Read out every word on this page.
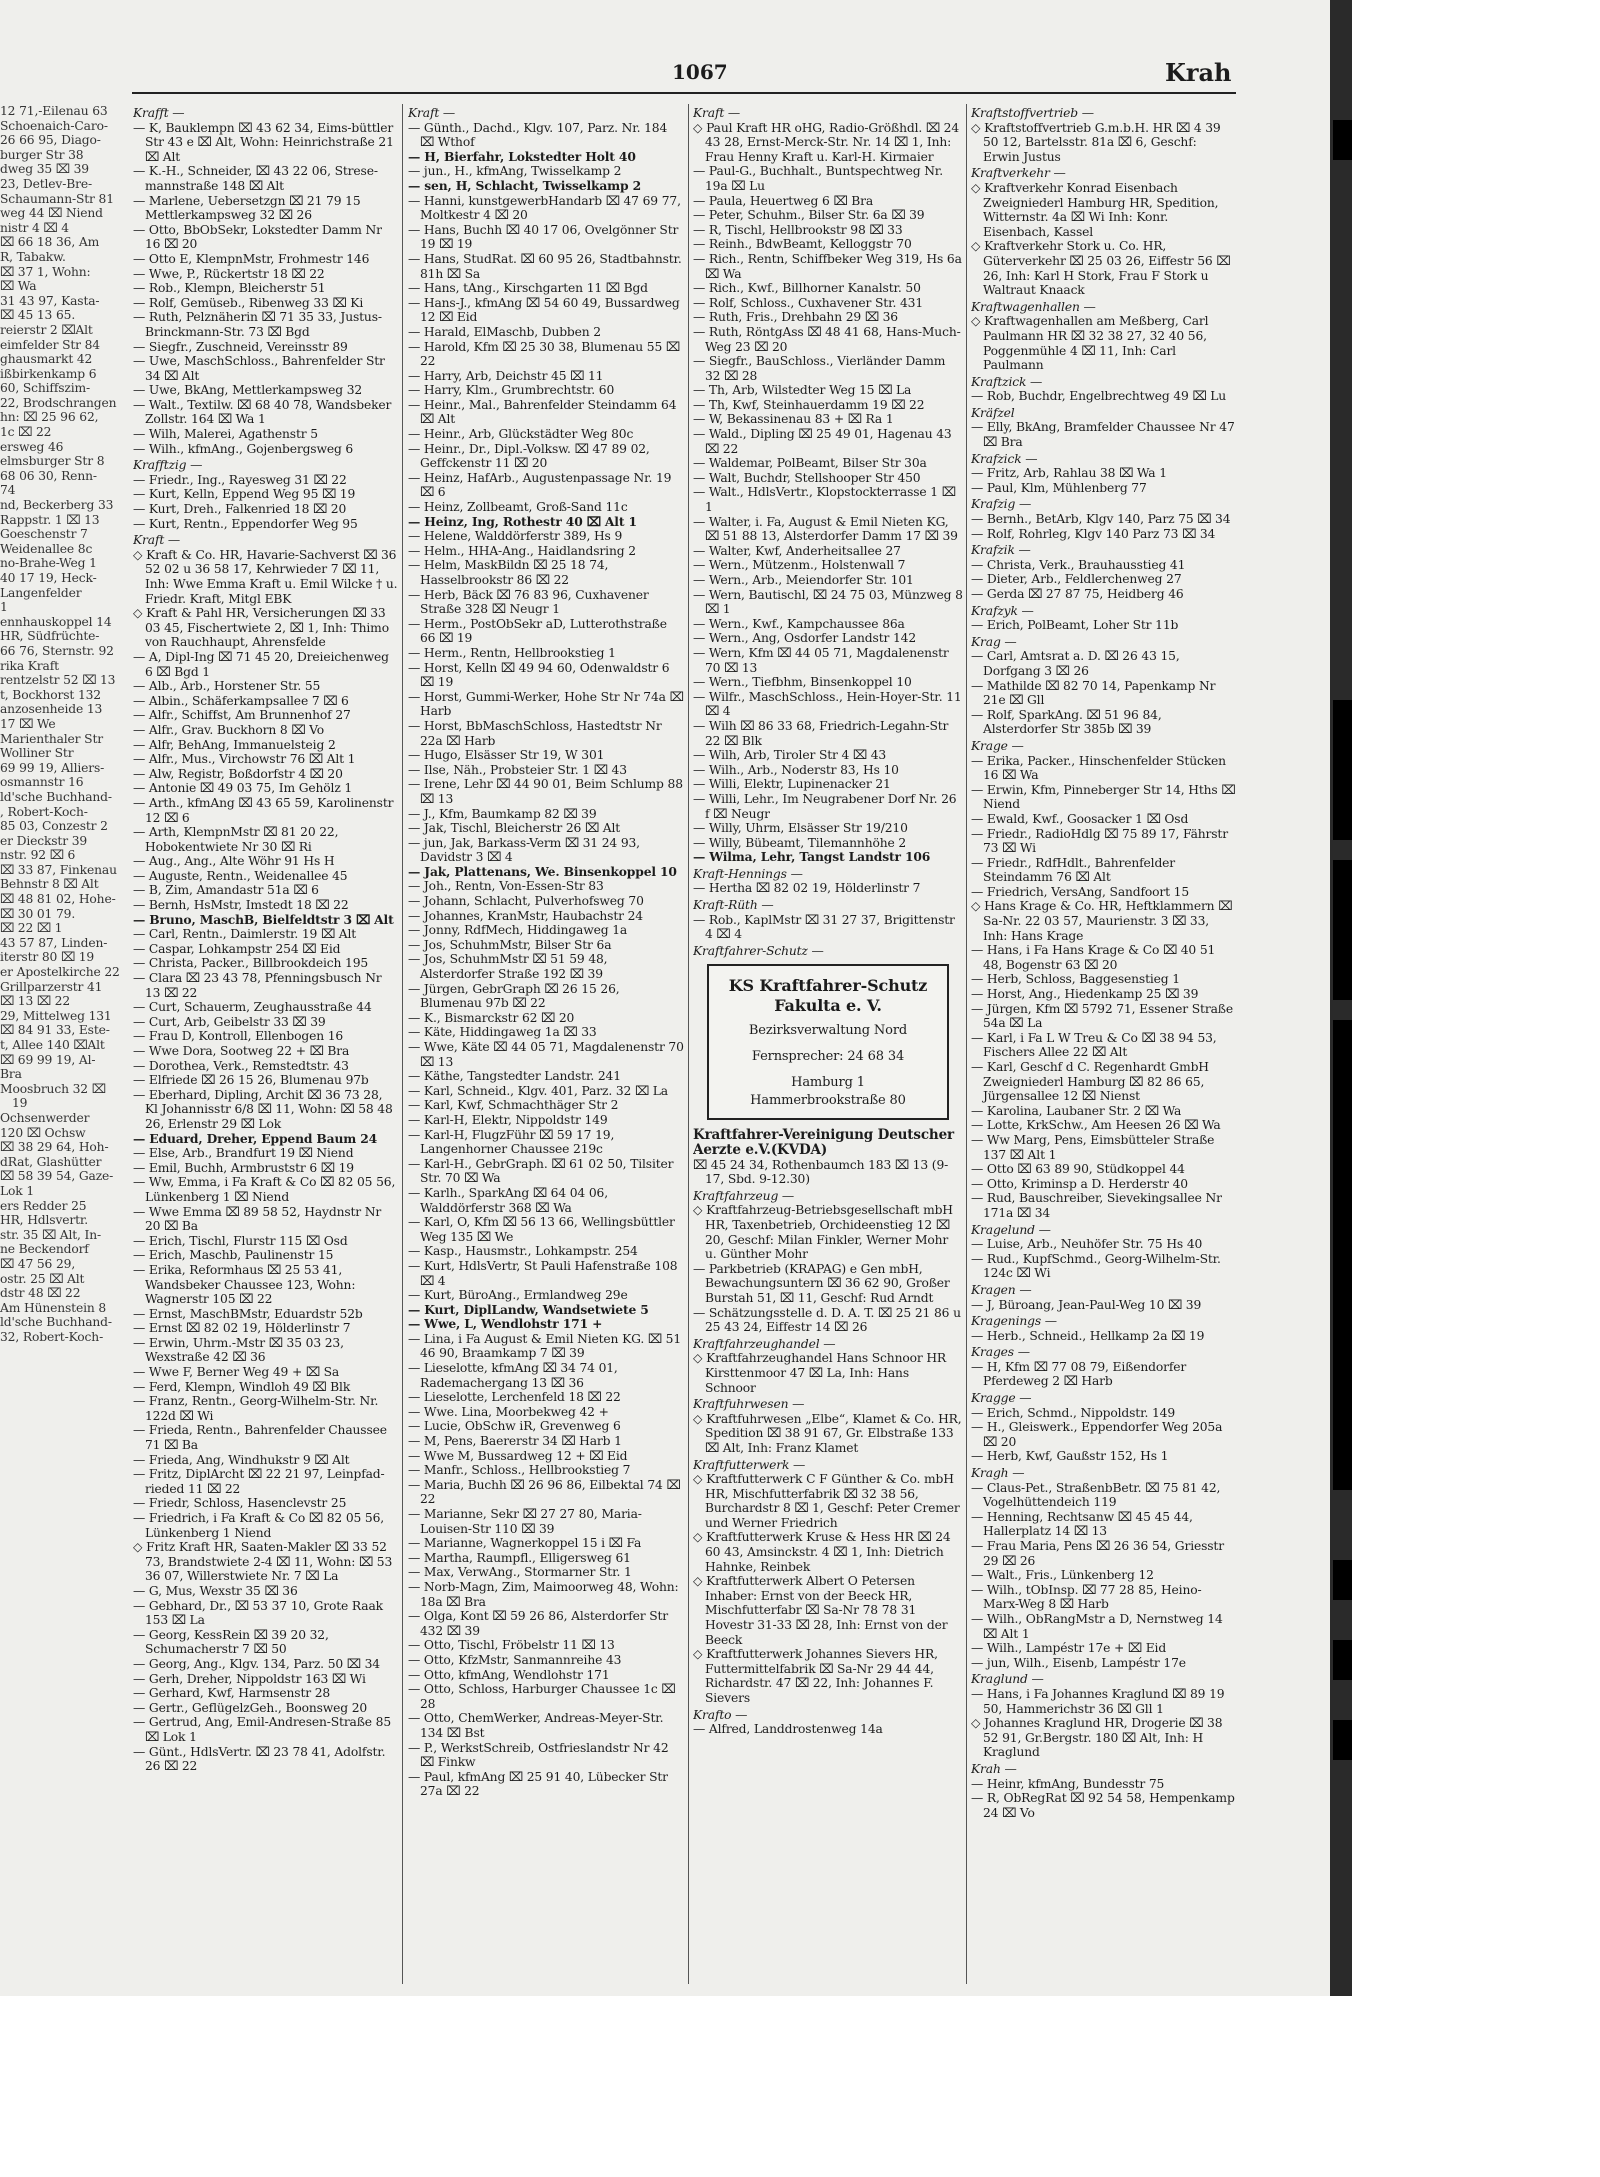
1067	Krah

12 71,-Eilenau 63

Schoenaich-Caro-

26 66 95, Diago-

burger Str 38

dweg 35 ⌧ 39

23, Detlev-Bre-

Schaumann-Str 81

weg 44 ⌧ Niend

nistr 4 ⌧ 4

⌧ 66 18 36, Am

R, Tabakw.

⌧ 37 1, Wohn:

⌧ Wa

31 43 97, Kasta-

⌧ 45 13 65.

reierstr 2 ⌧Alt

eimfelder Str 84

ghausmarkt 42

ißbirkenkamp 6

60, Schiffszim-

22, Brodschrangen

hn: ⌧ 25 96 62,

1c ⌧ 22

ersweg 46

elmsburger Str 8

68 06 30, Renn-

74

nd, Beckerberg 33

Rappstr. 1 ⌧ 13

Goeschenstr 7

Weidenallee 8c

no-Brahe-Weg 1

40 17 19, Heck-

Langenfelder

1

ennhauskoppel 14

HR, Südfrüchte-

66 76, Sternstr. 92

rika Kraft

rentzelstr 52 ⌧ 13

t, Bockhorst 132

anzosenheide 13

17 ⌧ We

Marienthaler Str

Wolliner Str

69 99 19, Alliers-

osmannstr 16

ld'sche Buchhand-

, Robert-Koch-

85 03, Conzestr 2

er Dieckstr 39

nstr. 92 ⌧ 6

⌧ 33 87, Finkenau

Behnstr 8 ⌧ Alt

⌧ 48 81 02, Hohe-

⌧ 30 01 79.

⌧ 22 ⌧ 1

43 57 87, Linden-

iterstr 80 ⌧ 19

er Apostelkirche 22

Grillparzerstr 41

⌧ 13 ⌧ 22

29, Mittelweg 131

⌧ 84 91 33, Este-

t, Allee 140 ⌧Alt

⌧ 69 99 19, Al-

Bra

Moosbruch 32 ⌧ 19

Ochsenwerder

120 ⌧ Ochsw

⌧ 38 29 64, Hoh-

dRat, Glashütter

⌧ 58 39 54, Gaze-

Lok 1

ers Redder 25

HR, Hdlsvertr.

str. 35 ⌧ Alt, In-

ne Beckendorf

⌧ 47 56 29,

ostr. 25 ⌧ Alt

dstr 48 ⌧ 22

Am Hünenstein 8

ld'sche Buchhand-

32, Robert-Koch-

Krafft —

— K, Bauklempn ⌧ 43 62 34, Eims-büttler Str 43 e ⌧ Alt, Wohn: Heinrichstraße 21 ⌧ Alt

— K.-H., Schneider, ⌧ 43 22 06, Strese-mannstraße 148 ⌧ Alt

— Marlene, Uebersetzgn ⌧ 21 79 15 Mettlerkampsweg 32 ⌧ 26

— Otto, BbObSekr, Lokstedter Damm Nr 16 ⌧ 20

— Otto E, KlempnMstr, Frohmestr 146

— Wwe, P., Rückertstr 18 ⌧ 22

— Rob., Klempn, Bleicherstr 51

— Rolf, Gemüseb., Ribenweg 33 ⌧ Ki

— Ruth, Pelznäherin ⌧ 71 35 33, Justus-Brinckmann-Str. 73 ⌧ Bgd

— Siegfr., Zuschneid, Vereinsstr 89

— Uwe, MaschSchloss., Bahrenfelder Str 34 ⌧ Alt

— Uwe, BkAng, Mettlerkampsweg 32

— Walt., Textilw. ⌧ 68 40 78, Wandsbeker Zollstr. 164 ⌧ Wa 1

— Wilh, Malerei, Agathenstr 5

— Wilh., kfmAng., Gojenbergsweg 6

Krafftzig —

— Friedr., Ing., Rayesweg 31 ⌧ 22

— Kurt, Kelln, Eppend Weg 95 ⌧ 19

— Kurt, Dreh., Falkenried 18 ⌧ 20

— Kurt, Rentn., Eppendorfer Weg 95

Kraft —

◇ Kraft & Co. HR, Havarie-Sachverst ⌧ 36 52 02 u 36 58 17, Kehrwieder 7 ⌧ 11, Inh: Wwe Emma Kraft u. Emil Wilcke † u. Friedr. Kraft, Mitgl EBK

◇ Kraft & Pahl HR, Versicherungen ⌧ 33 03 45, Fischertwiete 2, ⌧ 1, Inh: Thimo von Rauchhaupt, Ahrensfelde

— A, Dipl-Ing ⌧ 71 45 20, Dreieichenweg 6 ⌧ Bgd 1

— Alb., Arb., Horstener Str. 55

— Albin., Schäferkampsallee 7 ⌧ 6

— Alfr., Schiffst, Am Brunnenhof 27

— Alfr., Grav. Buckhorn 8 ⌧ Vo

— Alfr, BehAng, Immanuelsteig 2

— Alfr., Mus., Virchowstr 76 ⌧ Alt 1

— Alw, Registr, Boßdorfstr 4 ⌧ 20

— Antonie ⌧ 49 03 75, Im Gehölz 1

— Arth., kfmAng ⌧ 43 65 59, Karolinenstr 12 ⌧ 6

— Arth, KlempnMstr ⌧ 81 20 22, Hobokentwiete Nr 30 ⌧ Ri

— Aug., Ang., Alte Wöhr 91 Hs H

— Auguste, Rentn., Weidenallee 45

— B, Zim, Amandastr 51a ⌧ 6

— Bernh, HsMstr, Imstedt 18 ⌧ 22

— Bruno, MaschB, Bielfeldtstr 3 ⌧ Alt

— Carl, Rentn., Daimlerstr. 19 ⌧ Alt

— Caspar, Lohkampstr 254 ⌧ Eid

— Christa, Packer., Billbrookdeich 195

— Clara ⌧ 23 43 78, Pfenningsbusch Nr 13 ⌧ 22

— Curt, Schauerm, Zeughausstraße 44

— Curt, Arb, Geibelstr 33 ⌧ 39

— Frau D, Kontroll, Ellenbogen 16

— Wwe Dora, Sootweg 22 + ⌧ Bra

— Dorothea, Verk., Remstedtstr. 43

— Elfriede ⌧ 26 15 26, Blumenau 97b

— Eberhard, Dipling, Archit ⌧ 36 73 28, Kl Johannisstr 6/8 ⌧ 11, Wohn: ⌧ 58 48 26, Erlenstr 29 ⌧ Lok

— Eduard, Dreher, Eppend Baum 24

— Else, Arb., Brandfurt 19 ⌧ Niend

— Emil, Buchh, Armbruststr 6 ⌧ 19

— Ww, Emma, i Fa Kraft & Co ⌧ 82 05 56, Lünkenberg 1 ⌧ Niend

— Wwe Emma ⌧ 89 58 52, Haydnstr Nr 20 ⌧ Ba

— Erich, Tischl, Flurstr 115 ⌧ Osd

— Erich, Maschb, Paulinenstr 15

— Erika, Reformhaus ⌧ 25 53 41, Wandsbeker Chaussee 123, Wohn: Wagnerstr 105 ⌧ 22

— Ernst, MaschBMstr, Eduardstr 52b

— Ernst ⌧ 82 02 19, Hölderlinstr 7

— Erwin, Uhrm.-Mstr ⌧ 35 03 23, Wexstraße 42 ⌧ 36

— Wwe F, Berner Weg 49 + ⌧ Sa

— Ferd, Klempn, Windloh 49 ⌧ Blk

— Franz, Rentn., Georg-Wilhelm-Str. Nr. 122d ⌧ Wi

— Frieda, Rentn., Bahrenfelder Chaussee 71 ⌧ Ba

— Frieda, Ang, Windhukstr 9 ⌧ Alt

— Fritz, DiplArcht ⌧ 22 21 97, Leinpfadrieded 11 ⌧ 22

— Friedr, Schloss, Hasenclevstr 25

— Friedrich, i Fa Kraft & Co ⌧ 82 05 56, Lünkenberg 1 Niend

◇ Fritz Kraft HR, Saaten-Makler ⌧ 33 52 73, Brandstwiete 2-4 ⌧ 11, Wohn: ⌧ 53 36 07, Willerstwiete Nr. 7 ⌧ La

— G, Mus, Wexstr 35 ⌧ 36

— Gebhard, Dr., ⌧ 53 37 10, Grote Raak 153 ⌧ La

— Georg, KessRein ⌧ 39 20 32, Schumacherstr 7 ⌧ 50

— Georg, Ang., Klgv. 134, Parz. 50 ⌧ 34

— Gerh, Dreher, Nippoldstr 163 ⌧ Wi

— Gerhard, Kwf, Harmsenstr 28

— Gertr., GeflügelzGeh., Boonsweg 20

— Gertrud, Ang, Emil-Andresen-Straße 85 ⌧ Lok 1

— Günt., HdlsVertr. ⌧ 23 78 41, Adolfstr. 26 ⌧ 22

Kraft —

— Günth., Dachd., Klgv. 107, Parz. Nr. 184 ⌧ Wthof

— H, Bierfahr, Lokstedter Holt 40

— jun., H., kfmAng, Twisselkamp 2

— sen, H, Schlacht, Twisselkamp 2

— Hanni, kunstgewerbHandarb ⌧ 47 69 77, Moltkestr 4 ⌧ 20

— Hans, Buchh ⌧ 40 17 06, Ovelgönner Str 19 ⌧ 19

— Hans, StudRat. ⌧ 60 95 26, Stadtbahnstr. 81h ⌧ Sa

— Hans, tAng., Kirschgarten 11 ⌧ Bgd

— Hans-J., kfmAng ⌧ 54 60 49, Bussardweg 12 ⌧ Eid

— Harald, ElMaschb, Dubben 2

— Harold, Kfm ⌧ 25 30 38, Blumenau 55 ⌧ 22

— Harry, Arb, Deichstr 45 ⌧ 11

— Harry, Klm., Grumbrechtstr. 60

— Heinr., Mal., Bahrenfelder Steindamm 64 ⌧ Alt

— Heinr., Arb, Glückstädter Weg 80c

— Heinr., Dr., Dipl.-Volksw. ⌧ 47 89 02, Geffckenstr 11 ⌧ 20

— Heinz, HafArb., Augustenpassage Nr. 19 ⌧ 6

— Heinz, Zollbeamt, Groß-Sand 11c

— Heinz, Ing, Rothestr 40 ⌧ Alt 1

— Helene, Walddörferstr 389, Hs 9

— Helm., HHA-Ang., Haidlandsring 2

— Helm, MaskBildn ⌧ 25 18 74, Hasselbrookstr 86 ⌧ 22

— Herb, Bäck ⌧ 76 83 96, Cuxhavener Straße 328 ⌧ Neugr 1

— Herm., PostObSekr aD, Lutterothstraße 66 ⌧ 19

— Herm., Rentn, Hellbrookstieg 1

— Horst, Kelln ⌧ 49 94 60, Odenwaldstr 6 ⌧ 19

— Horst, Gummi-Werker, Hohe Str Nr 74a ⌧ Harb

— Horst, BbMaschSchloss, Hastedtstr Nr 22a ⌧ Harb

— Hugo, Elsässer Str 19, W 301

— Ilse, Näh., Probsteier Str. 1 ⌧ 43

— Irene, Lehr ⌧ 44 90 01, Beim Schlump 88 ⌧ 13

— J., Kfm, Baumkamp 82 ⌧ 39

— Jak, Tischl, Bleicherstr 26 ⌧ Alt

— jun, Jak, Barkass-Verm ⌧ 31 24 93, Davidstr 3 ⌧ 4

— Jak, Plattenans, We. Binsenkoppel 10

— Joh., Rentn, Von-Essen-Str 83

— Johann, Schlacht, Pulverhofsweg 70

— Johannes, KranMstr, Haubachstr 24

— Jonny, RdfMech, Hiddingaweg 1a

— Jos, SchuhmMstr, Bilser Str 6a

— Jos, SchuhmMstr ⌧ 51 59 48, Alsterdorfer Straße 192 ⌧ 39

— Jürgen, GebrGraph ⌧ 26 15 26, Blumenau 97b ⌧ 22

— K., Bismarckstr 62 ⌧ 20

— Käte, Hiddingaweg 1a ⌧ 33

— Wwe, Käte ⌧ 44 05 71, Magdalenenstr 70 ⌧ 13

— Käthe, Tangstedter Landstr. 241

— Karl, Schneid., Klgv. 401, Parz. 32 ⌧ La

— Karl, Kwf, Schmachthäger Str 2

— Karl-H, Elektr, Nippoldstr 149

— Karl-H, FlugzFühr ⌧ 59 17 19, Langenhorner Chaussee 219c

— Karl-H., GebrGraph. ⌧ 61 02 50, Tilsiter Str. 70 ⌧ Wa

— Karlh., SparkAng ⌧ 64 04 06, Walddörferstr 368 ⌧ Wa

— Karl, O, Kfm ⌧ 56 13 66, Wellingsbüttler Weg 135 ⌧ We

— Kasp., Hausmstr., Lohkampstr. 254

— Kurt, HdlsVertr, St Pauli Hafenstraße 108 ⌧ 4

— Kurt, BüroAng., Ermlandweg 29e

— Kurt, DiplLandw, Wandsetwiete 5

— Wwe, L, Wendlohstr 171 +

— Lina, i Fa August & Emil Nieten KG. ⌧ 51 46 90, Braamkamp 7 ⌧ 39

— Lieselotte, kfmAng ⌧ 34 74 01, Rademachergang 13 ⌧ 36

— Lieselotte, Lerchenfeld 18 ⌧ 22

— Wwe. Lina, Moorbekweg 42 +

— Lucie, ObSchw iR, Grevenweg 6

— M, Pens, Baererstr 34 ⌧ Harb 1

— Wwe M, Bussardweg 12 + ⌧ Eid

— Manfr., Schloss., Hellbrookstieg 7

— Maria, Buchh ⌧ 26 96 86, Eilbektal 74 ⌧ 22

— Marianne, Sekr ⌧ 27 27 80, Maria-Louisen-Str 110 ⌧ 39

— Marianne, Wagnerkoppel 15 i ⌧ Fa

— Martha, Raumpfl., Elligersweg 61

— Max, VerwAng., Stormarner Str. 1

— Norb-Magn, Zim, Maimoorweg 48, Wohn: 18a ⌧ Bra

— Olga, Kont ⌧ 59 26 86, Alsterdorfer Str 432 ⌧ 39

— Otto, Tischl, Fröbelstr 11 ⌧ 13

— Otto, KfzMstr, Sanmannreihe 43

— Otto, kfmAng, Wendlohstr 171

— Otto, Schloss, Harburger Chaussee 1c ⌧ 28

— Otto, ChemWerker, Andreas-Meyer-Str. 134 ⌧ Bst

— P., WerkstSchreib, Ostfrieslandstr Nr 42 ⌧ Finkw

— Paul, kfmAng ⌧ 25 91 40, Lübecker Str 27a ⌧ 22

Kraft —

◇ Paul Kraft HR oHG, Radio-Größhdl. ⌧ 24 43 28, Ernst-Merck-Str. Nr. 14 ⌧ 1, Inh: Frau Henny Kraft u. Karl-H. Kirmaier

— Paul-G., Buchhalt., Buntspechtweg Nr. 19a ⌧ Lu

— Paula, Heuertweg 6 ⌧ Bra

— Peter, Schuhm., Bilser Str. 6a ⌧ 39

— R, Tischl, Hellbrookstr 98 ⌧ 33

— Reinh., BdwBeamt, Kelloggstr 70

— Rich., Rentn, Schiffbeker Weg 319, Hs 6a ⌧ Wa

— Rich., Kwf., Billhorner Kanalstr. 50

— Rolf, Schloss., Cuxhavener Str. 431

— Ruth, Fris., Drehbahn 29 ⌧ 36

— Ruth, RöntgAss ⌧ 48 41 68, Hans-Much-Weg 23 ⌧ 20

— Siegfr., BauSchloss., Vierländer Damm 32 ⌧ 28

— Th, Arb, Wilstedter Weg 15 ⌧ La

— Th, Kwf, Steinhauerdamm 19 ⌧ 22

— W, Bekassinenau 83 + ⌧ Ra 1

— Wald., Dipling ⌧ 25 49 01, Hagenau 43 ⌧ 22

— Waldemar, PolBeamt, Bilser Str 30a

— Walt, Buchdr, Stellshooper Str 450

— Walt., HdlsVertr., Klopstockterrasse 1 ⌧ 1

— Walter, i. Fa, August & Emil Nieten KG, ⌧ 51 88 13, Alsterdorfer Damm 17 ⌧ 39

— Walter, Kwf, Anderheitsallee 27

— Wern., Mützenm., Holstenwall 7

— Wern., Arb., Meiendorfer Str. 101

— Wern, Bautischl, ⌧ 24 75 03, Münzweg 8 ⌧ 1

— Wern., Kwf., Kampchaussee 86a

— Wern., Ang, Osdorfer Landstr 142

— Wern, Kfm ⌧ 44 05 71, Magdalenenstr 70 ⌧ 13

— Wern., Tiefbhm, Binsenkoppel 10

— Wilfr., MaschSchloss., Hein-Hoyer-Str. 11 ⌧ 4

— Wilh ⌧ 86 33 68, Friedrich-Legahn-Str 22 ⌧ Blk

— Wilh, Arb, Tiroler Str 4 ⌧ 43

— Wilh., Arb., Noderstr 83, Hs 10

— Willi, Elektr, Lupinenacker 21

— Willi, Lehr., Im Neugrabener Dorf Nr. 26 f ⌧ Neugr

— Willy, Uhrm, Elsässer Str 19/210

— Willy, Bübeamt, Tilemannhöhe 2

— Wilma, Lehr, Tangst Landstr 106

Kraft-Hennings —

— Hertha ⌧ 82 02 19, Hölderlinstr 7

Kraft-Rüth —

— Rob., KaplMstr ⌧ 31 27 37, Brigittenstr 4 ⌧ 4

Kraftfahrer-Schutz —

KS Kraftfahrer-Schutz
Fakulta e. V.
Bezirksverwaltung Nord
Fernsprecher: 24 68 34
Hamburg 1
Hammerbrookstraße 80

Kraftfahrer-Vereinigung Deutscher Aerzte e.V.(KVDA)

⌧ 45 24 34, Rothenbaumch 183 ⌧ 13 (9-17, Sbd. 9-12.30)

Kraftfahrzeug —

◇ Kraftfahrzeug-Betriebsgesellschaft mbH HR, Taxenbetrieb, Orchideenstieg 12 ⌧ 20, Geschf: Milan Finkler, Werner Mohr u. Günther Mohr

— Parkbetrieb (KRAPAG) e Gen mbH, Bewachungsuntern ⌧ 36 62 90, Großer Burstah 51, ⌧ 11, Geschf: Rud Arndt

— Schätzungsstelle d. D. A. T. ⌧ 25 21 86 u 25 43 24, Eiffestr 14 ⌧ 26

Kraftfahrzeughandel —

◇ Kraftfahrzeughandel Hans Schnoor HR Kirsttenmoor 47 ⌧ La, Inh: Hans Schnoor

Kraftfuhrwesen —

◇ Kraftfuhrwesen „Elbe“, Klamet & Co. HR, Spedition ⌧ 38 91 67, Gr. Elbstraße 133 ⌧ Alt, Inh: Franz Klamet

Kraftfutterwerk —

◇ Kraftfutterwerk C F Günther & Co. mbH HR, Mischfutterfabrik ⌧ 32 38 56, Burchardstr 8 ⌧ 1, Geschf: Peter Cremer und Werner Friedrich

◇ Kraftfutterwerk Kruse & Hess HR ⌧ 24 60 43, Amsinckstr. 4 ⌧ 1, Inh: Dietrich Hahnke, Reinbek

◇ Kraftfutterwerk Albert O Petersen Inhaber: Ernst von der Beeck HR, Mischfutterfabr ⌧ Sa-Nr 78 78 31 Hovestr 31-33 ⌧ 28, Inh: Ernst von der Beeck

◇ Kraftfutterwerk Johannes Sievers HR, Futtermittelfabrik ⌧ Sa-Nr 29 44 44, Richardstr. 47 ⌧ 22, Inh: Johannes F. Sievers

Krafto —

— Alfred, Landdrostenweg 14a

Kraftstoffvertrieb —

◇ Kraftstoffvertrieb G.m.b.H. HR ⌧ 4 39 50 12, Bartelsstr. 81a ⌧ 6, Geschf: Erwin Justus

Kraftverkehr —

◇ Kraftverkehr Konrad Eisenbach Zweigniederl Hamburg HR, Spedition, Witternstr. 4a ⌧ Wi Inh: Konr. Eisenbach, Kassel

◇ Kraftverkehr Stork u. Co. HR, Güterverkehr ⌧ 25 03 26, Eiffestr 56 ⌧ 26, Inh: Karl H Stork, Frau F Stork u Waltraut Knaack

Kraftwagenhallen —

◇ Kraftwagenhallen am Meßberg, Carl Paulmann HR ⌧ 32 38 27, 32 40 56, Poggenmühle 4 ⌧ 11, Inh: Carl Paulmann

Kraftzick —

— Rob, Buchdr, Engelbrechtweg 49 ⌧ Lu

Kräfzel

— Elly, BkAng, Bramfelder Chaussee Nr 47 ⌧ Bra

Krafzick —

— Fritz, Arb, Rahlau 38 ⌧ Wa 1

— Paul, Klm, Mühlenberg 77

Krafzig —

— Bernh., BetArb, Klgv 140, Parz 75 ⌧ 34

— Rolf, Rohrleg, Klgv 140 Parz 73 ⌧ 34

Krafzik —

— Christa, Verk., Brauhausstieg 41

— Dieter, Arb., Feldlerchenweg 27

— Gerda ⌧ 27 87 75, Heidberg 46

Krafzyk —

— Erich, PolBeamt, Loher Str 11b

Krag —

— Carl, Amtsrat a. D. ⌧ 26 43 15, Dorfgang 3 ⌧ 26

— Mathilde ⌧ 82 70 14, Papenkamp Nr 21e ⌧ Gll

— Rolf, SparkAng. ⌧ 51 96 84, Alsterdorfer Str 385b ⌧ 39

Krage —

— Erika, Packer., Hinschenfelder Stücken 16 ⌧ Wa

— Erwin, Kfm, Pinneberger Str 14, Hths ⌧ Niend

— Ewald, Kwf., Goosacker 1 ⌧ Osd

— Friedr., RadioHdlg ⌧ 75 89 17, Fährstr 73 ⌧ Wi

— Friedr., RdfHdlt., Bahrenfelder Steindamm 76 ⌧ Alt

— Friedrich, VersAng, Sandfoort 15

◇ Hans Krage & Co. HR, Heftklammern ⌧ Sa-Nr. 22 03 57, Maurienstr. 3 ⌧ 33, Inh: Hans Krage

— Hans, i Fa Hans Krage & Co ⌧ 40 51 48, Bogenstr 63 ⌧ 20

— Herb, Schloss, Baggesenstieg 1

— Horst, Ang., Hiedenkamp 25 ⌧ 39

— Jürgen, Kfm ⌧ 5792 71, Essener Straße 54a ⌧ La

— Karl, i Fa L W Treu & Co ⌧ 38 94 53, Fischers Allee 22 ⌧ Alt

— Karl, Geschf d C. Regenhardt GmbH Zweigniederl Hamburg ⌧ 82 86 65, Jürgensallee 12 ⌧ Nienst

— Karolina, Laubaner Str. 2 ⌧ Wa

— Lotte, KrkSchw., Am Heesen 26 ⌧ Wa

— Ww Marg, Pens, Eimsbütteler Straße 137 ⌧ Alt 1

— Otto ⌧ 63 89 90, Stüdkoppel 44

— Otto, Kriminsp a D. Herderstr 40

— Rud, Bauschreiber, Sievekingsallee Nr 171a ⌧ 34

Kragelund —

— Luise, Arb., Neuhöfer Str. 75 Hs 40

— Rud., KupfSchmd., Georg-Wilhelm-Str. 124c ⌧ Wi

Kragen —

— J, Büroang, Jean-Paul-Weg 10 ⌧ 39

Kragenings —

— Herb., Schneid., Hellkamp 2a ⌧ 19

Krages —

— H, Kfm ⌧ 77 08 79, Eißendorfer Pferdeweg 2 ⌧ Harb

Kragge —

— Erich, Schmd., Nippoldstr. 149

— H., Gleiswerk., Eppendorfer Weg 205a ⌧ 20

— Herb, Kwf, Gaußstr 152, Hs 1

Kragh —

— Claus-Pet., StraßenbBetr. ⌧ 75 81 42, Vogelhüttendeich 119

— Henning, Rechtsanw ⌧ 45 45 44, Hallerplatz 14 ⌧ 13

— Frau Maria, Pens ⌧ 26 36 54, Griesstr 29 ⌧ 26

— Walt., Fris., Lünkenberg 12

— Wilh., tObInsp. ⌧ 77 28 85, Heino-Marx-Weg 8 ⌧ Harb

— Wilh., ObRangMstr a D, Nernstweg 14 ⌧ Alt 1

— Wilh., Lampéstr 17e + ⌧ Eid

— jun, Wilh., Eisenb, Lampéstr 17e

Kraglund —

— Hans, i Fa Johannes Kraglund ⌧ 89 19 50, Hammerichstr 36 ⌧ Gll 1

◇ Johannes Kraglund HR, Drogerie ⌧ 38 52 91, Gr.Bergstr. 180 ⌧ Alt, Inh: H Kraglund

Krah —

— Heinr, kfmAng, Bundesstr 75

— R, ObRegRat ⌧ 92 54 58, Hempenkamp 24 ⌧ Vo
